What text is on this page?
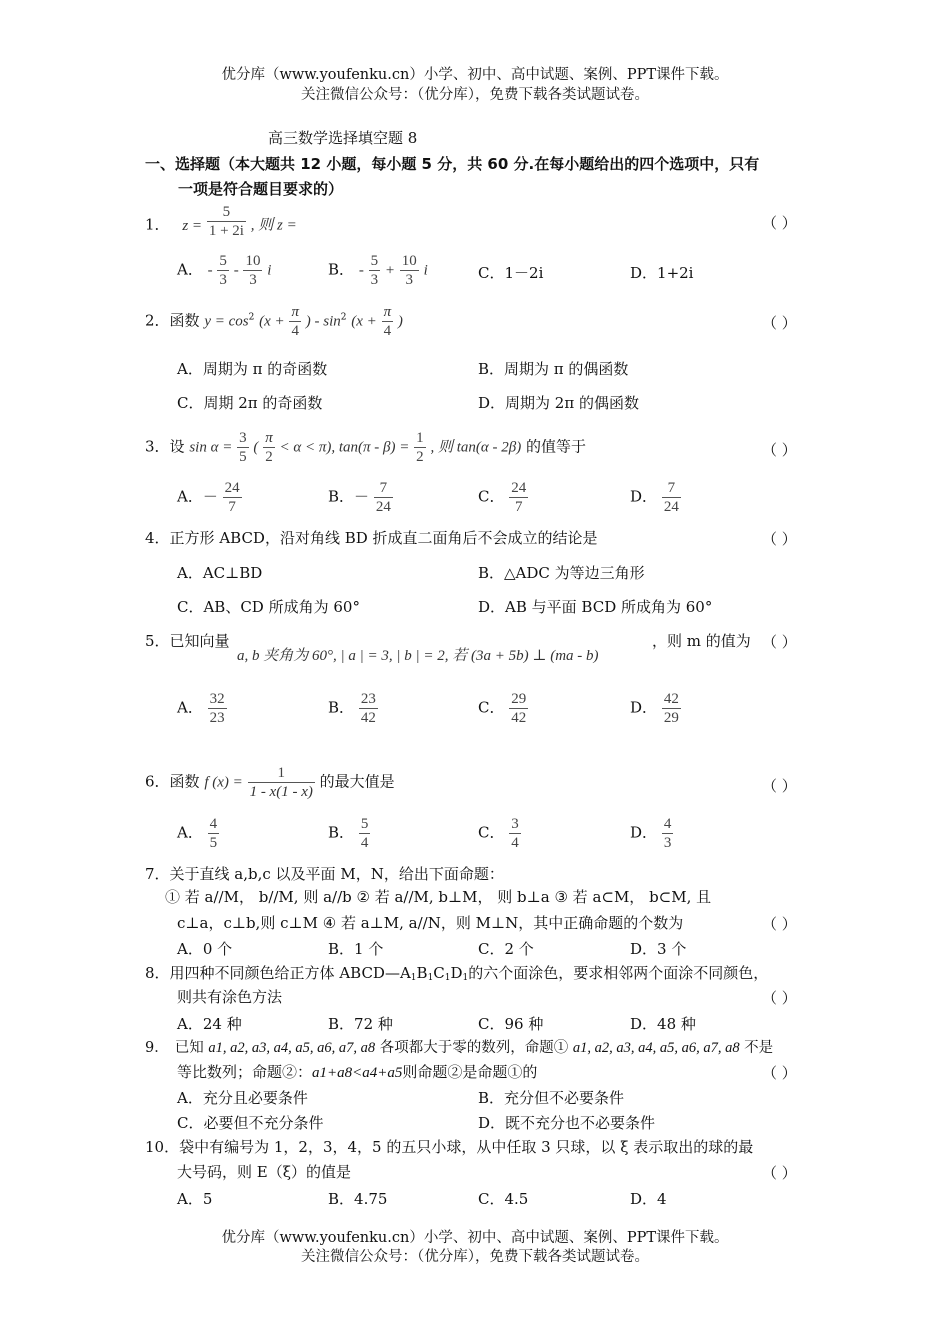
优分库（www.youfenku.cn）小学、初中、高中试题、案例、PPT课件下载。
关注微信公众号：（优分库），免费下载各类试题试卷。
高三数学选择填空题 8
一、选择题（本大题共 12 小题，每小题 5 分，共 60 分.在每小题给出的四个选项中，只有
一项是符合题目要求的）
1． $z = \frac{5}{1 + 2i}$ , 则 z =	（ ）
A． - $\frac{5}{3} - \frac{10}{3}$ i	B． - $\frac{5}{3} + \frac{10}{3}$ i	C．1－2i	D．1+2i
2．函数 $y = \cos^2 (x + \frac{\pi}{4}$ ) - $\sin^2 (x + \frac{\pi}{4}$ )	（ ）
A．周期为 π 的奇函数	B．周期为 π 的偶函数
C．周期 2π 的奇函数	D．周期为 2π 的偶函数
3．设 $\sin \alpha = \frac{3}{5}$ ( $\frac{\pi}{2} < \alpha < \pi$), $\tan(\pi - \beta) = \frac{1}{2}$ , 则 tan(α - 2β) 的值等于	（ ）
A．－ $\frac{24}{7}$	B．－ $\frac{7}{24}$	C． $\frac{24}{7}$	D． $\frac{7}{24}$
4．正方形 ABCD，沿对角线 BD 折成直二面角后不会成立的结论是	（ ）
A．AC⊥BD	B．△ADC 为等边三角形
C．AB、CD 所成角为 60°	D．AB 与平面 BCD 所成角为 60°
5．已知向量
a, b 夹角为 60°, | a | = 3, | b | = 2, 若 (3a + 5b) ⊥ (ma - b)
，则 m 的值为 （ ）
A． $\frac{32}{23}$	B． $\frac{23}{42}$	C． $\frac{29}{42}$	D． $\frac{42}{29}$
6．函数 f $(x) = \frac{1}{1 - x(1 - x)}$ 的最大值是	（ ）
A． $\frac{4}{5}$	B． $\frac{5}{4}$	C． $\frac{3}{4}$	D． $\frac{4}{3}$
7．关于直线 a,b,c 以及平面 M，N，给出下面命题：
① 若 a//M， b//M, 则 a//b ② 若 a//M, b⊥M， 则 b⊥a ③ 若 a⊂M， b⊂M, 且
c⊥a，c⊥b,则 c⊥M ④ 若 a⊥M, a//N，则 M⊥N，其中正确命题的个数为	（ ）
A．0 个	B．1 个	C．2 个	D．3 个
8．用四种不同颜色给正方体 ABCD—A1B1C1D1的六个面涂色，要求相邻两个面涂不同颜色，
则共有涂色方法	（ ）
A．24 种	B．72 种	C．96 种	D．48 种
9． 已知 a1, a2, a3, a4, a5, a6, a7, a8 各项都大于零的数列，命题① a1, a2, a3, a4, a5, a6, a7, a8 不是
等比数列；命题②：a1+a8<a4+a5则命题②是命题①的	（ ）
A．充分且必要条件	B．充分但不必要条件
C．必要但不充分条件	D．既不充分也不必要条件
10．袋中有编号为 1，2，3，4，5 的五只小球，从中任取 3 只球，以 ξ 表示取出的球的最
大号码，则 E（ξ）的值是	（ ）
A．5	B．4.75	C．4.5	D．4
优分库（www.youfenku.cn）小学、初中、高中试题、案例、PPT课件下载。
关注微信公众号：（优分库），免费下载各类试题试卷。
